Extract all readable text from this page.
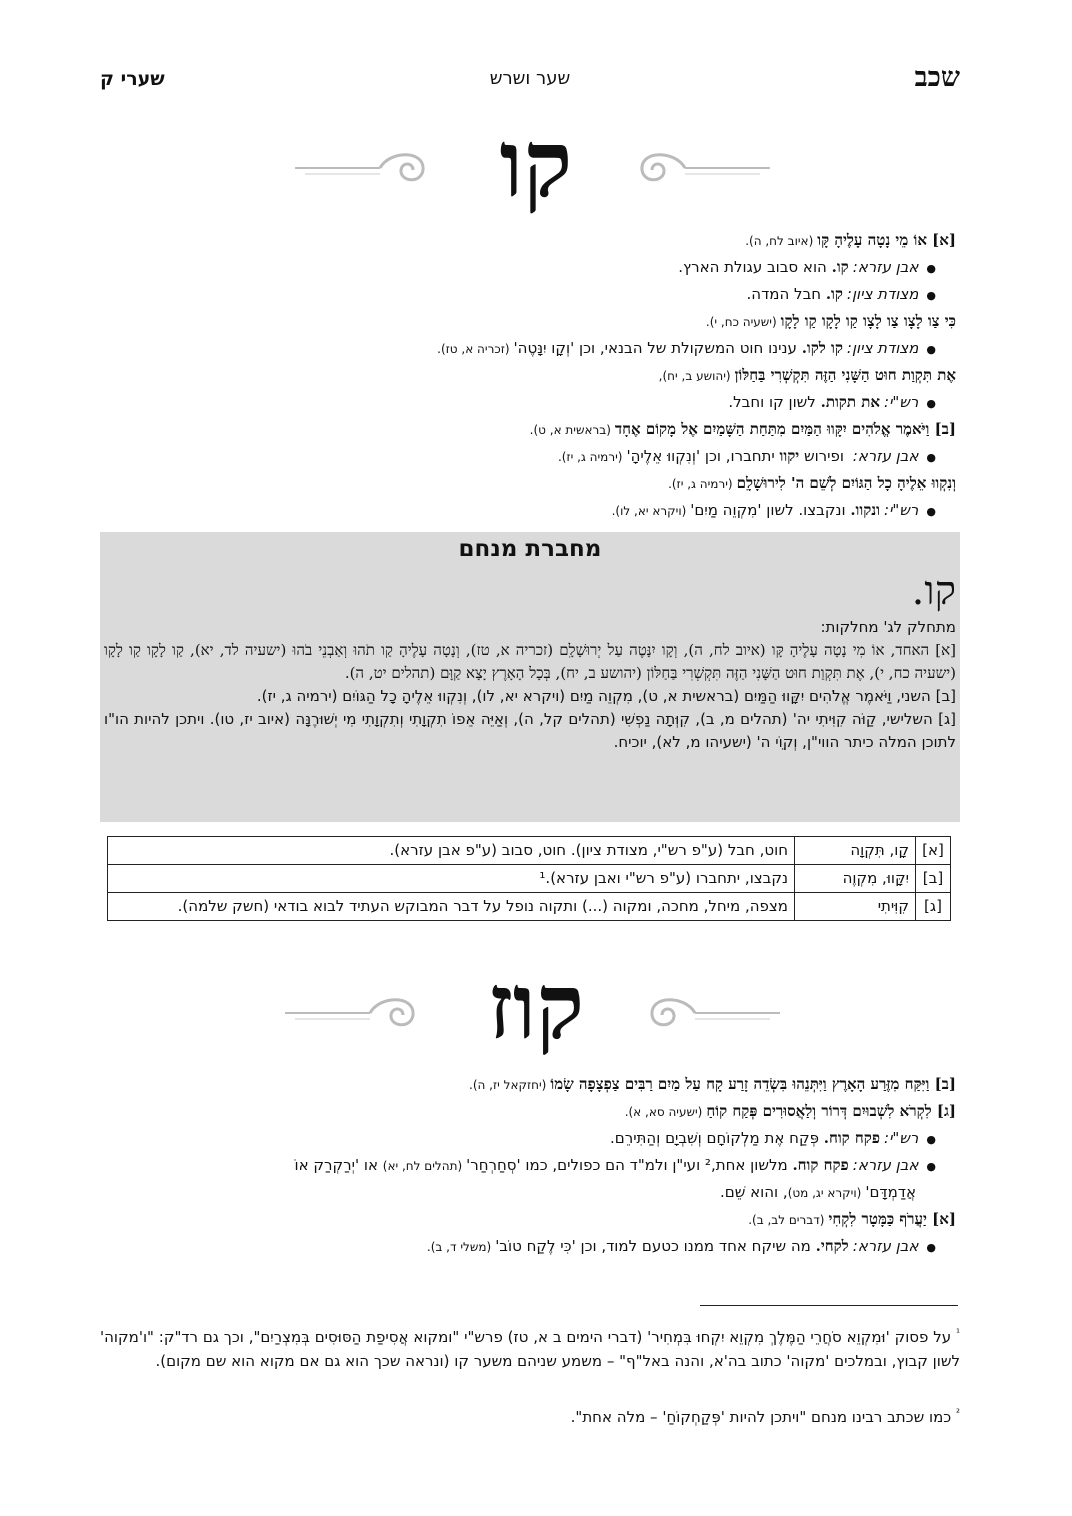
שכב
שער ושרש
שערי ק
קו
[א] אוֹ מֵי נָטָה עָלֶיהָ קָּו(איוב לח, ה).
●אבן עזרא:קו. הוא סבוב עגולת הארץ.
●מצודת ציון:קו. חבל המדה.
כִּי צַו לָצָו צַו לָצָו קַו לָקָו קַו לָקָו(ישעיה כח, י).
●מצודת ציון:קו לקו. ענינו חוט המשקולת של הבנאי, וכן 'וְקָו יִנָּטֶה'(זכריה א, טז).
אֶת תִּקְוַת חוּט הַשָּׁנִי הַזֶּה תִּקְשְׁרִי בַּחַלּוֹן(יהושע ב, יח),
●רש"י:את תקות. לשון קו וחבל.
[ב] וַיֹּאמֶר אֱלֹהִים יִקָּווּ הַמַּיִם מִתַּחַת הַשָּׁמַיִם אֶל מָקוֹם אֶחָד(בראשית א, ט).
●אבן עזרא: ופירוש יקוו יתחברו, וכן 'וְנִקְווּ אֵלֶיהָ'(ירמיה ג, יז).
וְנִקְווּ אֵלֶיהָ כָל הַגּוֹיִם לְשֵׁם ה' לִירוּשָׁלִָם(ירמיה ג, יז).
●רש"י:ונקוו. ונקבצו. לשון 'מִקְוֵה מַיִם'(ויקרא יא, לו).
מחברת מנחם
קו.
מתחלק לג' מחלקות:
[א] האחד, אוֹ מִי נָטָה עָלֶיהָ קָּו (איוב לח, ה), וְקָו יִנָּטֶה עַל יְרוּשָׁלִָם (זכריה א, טז), וְנָטָה עָלֶיהָ קַו תֹהוּ וְאַבְנֵי בֹהוּ (ישעיה לד, יא), קַו לָקָו קַו לָקָו (ישעיה כח, י), אֶת תִּקְוַת חוּט הַשָּׁנִי הַזֶּה תִּקְשְׁרִי בַּחַלּוֹן (יהושע ב, יח), בְּכָל הָאָרֶץ יָצָא קַוָּם (תהלים יט, ה).
[ב] השני, וַיֹּאמֶר אֱלֹהִים יִקָּווּ הַמַּיִם (בראשית א, ט), מִקְוֵה מַיִם (ויקרא יא, לו), וְנִקְווּ אֵלֶיהָ כָל הַגּוֹיִם (ירמיה ג, יז).
[ג] השלישי, קַוֹּה קִוִּיתִי יה' (תהלים מ, ב), קִוְּתָה נַפְשִׁי (תהלים קל, ה), וְאַיֵּה אֵפוֹ תִקְוָתִי וְתִקְוָתִי מִי יְשׁוּרֶנָּה (איוב יז, טו). ויתכן להיות הו"ו לתוכן המלה כיתר הווי"ן, וְקוֵֹי ה' (ישעיהו מ, לא), יוכיח.
[א]	קָו, תִּקְוָה	חוט, חבל (ע"פ רש"י, מצודת ציון). חוט, סבוב (ע"פ אבן עזרא).
[ב]	יִקָּווּ, מִקְוֶה	נקבצו, יתחברו (ע"פ רש"י ואבן עזרא).¹
[ג]	קִוִּיתִי	מצפה, מיחל, מחכה, ומקוה (...) ותקוה נופל על דבר המבוקש העתיד לבוא בודאי (חשק שלמה).
קוז
[ב] וַיִּקַּח מִזֶּרַע הָאָרֶץ וַיִּתְּנֵהוּ בִּשְׂדֵה זָרַע קָח עַל מַיִם רַבִּים צַפְצָפָה שָׂמוֹ(יחזקאל יז, ה).
[ג] לִקְרֹא לִשְׁבוּיִם דְּרוֹר וְלַאֲסוּרִים פְּקַח קוֹחַ(ישעיה סא, א).
●רש"י:פקח קוח. פְּקַח אֶת מַלְקוֹחָם וְשִׁבְיָם וְהַתִּירֵם.
●אבן עזרא:פקח קוח. מלשון אחת,² ועי"ן ולמ"ד הם כפולים, כמו 'סְחַרְחַר'(תהלים לח, יא) או 'יְרַקְרַק אוֹ
אֲדַמְדָּם'(ויקרא יג, מט), והוא שֵׁם.
[א] יַעֲרֹף כַּמָּטָר לִקְחִי(דברים לב, ב).
●אבן עזרא:לקחי. מה שיקח אחד ממנו כטעם למוד, וכן 'כִּי לֶקַח טוֹב'(משלי ד, ב).
$^{^1}$ על פסוק 'וּמִקְוֵא סֹחֲרֵי הַמֶּלֶךְ מִקְוֵא יִקְחוּ בִּמְחִיר' (דברי הימים ב א, טז) פרש"י "ומקוא אֲסִיפַת הַסּוּסִים בְּמִצְרַיִם", וכך גם רד"ק: "ו'מקוה' לשון קבוץ, ובמלכים 'מקוה' כתוב בה'א, והנה באל"ף" – משמע שניהם משער קו (ונראה שכך הוא גם אם מקוא הוא שם מקום).
$^{^2}$ כמו שכתב רבינו מנחם "ויתכן להיות 'פְּקַחְקוֹחַ' – מלה אחת".
